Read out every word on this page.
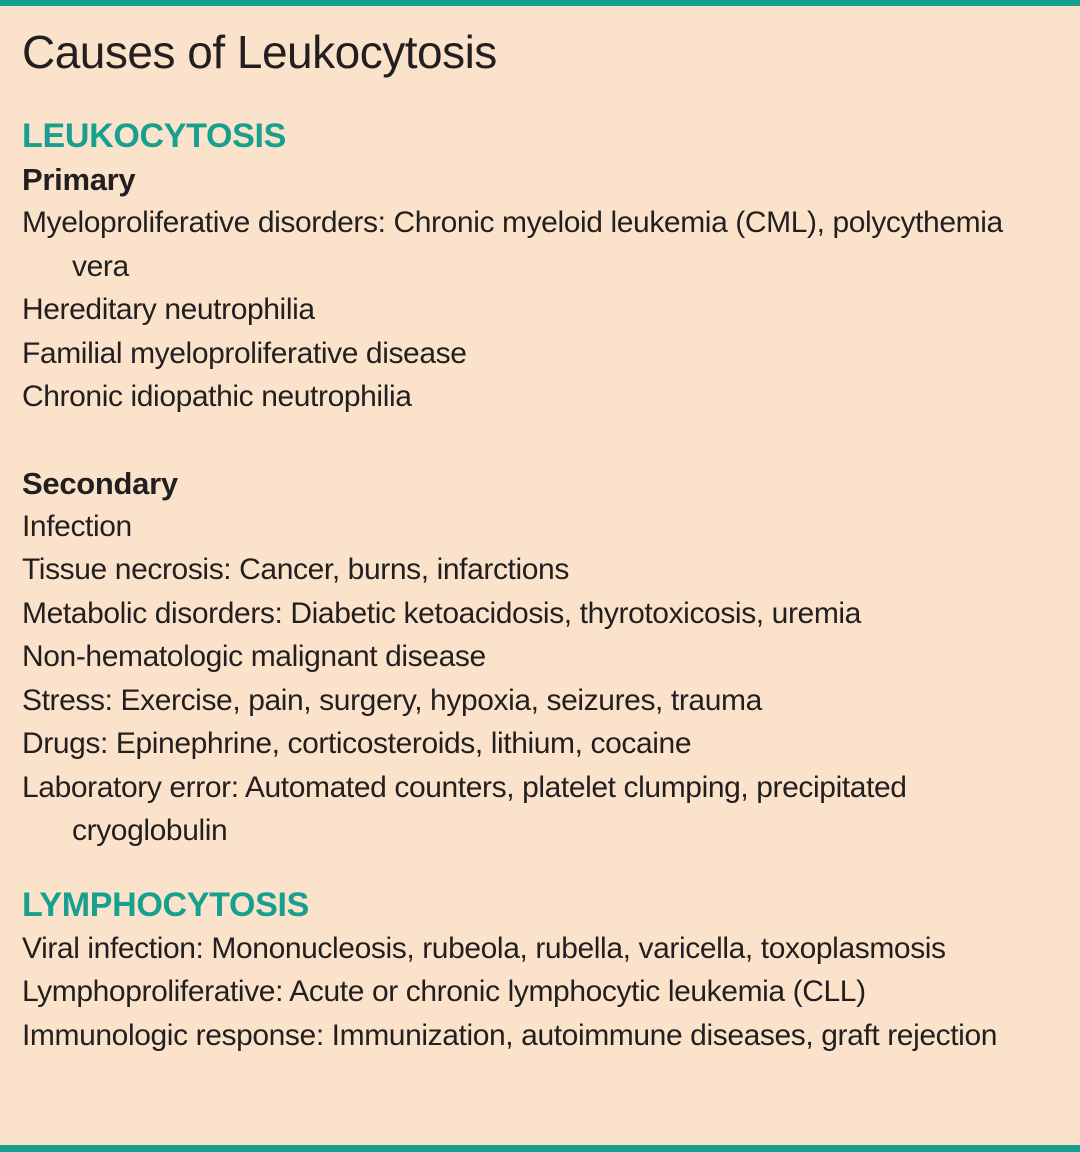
Causes of Leukocytosis
LEUKOCYTOSIS
Primary
Myeloproliferative disorders: Chronic myeloid leukemia (CML), polycythemia vera
Hereditary neutrophilia
Familial myeloproliferative disease
Chronic idiopathic neutrophilia
Secondary
Infection
Tissue necrosis: Cancer, burns, infarctions
Metabolic disorders: Diabetic ketoacidosis, thyrotoxicosis, uremia
Non-hematologic malignant disease
Stress: Exercise, pain, surgery, hypoxia, seizures, trauma
Drugs: Epinephrine, corticosteroids, lithium, cocaine
Laboratory error: Automated counters, platelet clumping, precipitated cryoglobulin
LYMPHOCYTOSIS
Viral infection: Mononucleosis, rubeola, rubella, varicella, toxoplasmosis
Lymphoproliferative: Acute or chronic lymphocytic leukemia (CLL)
Immunologic response: Immunization, autoimmune diseases, graft rejection
